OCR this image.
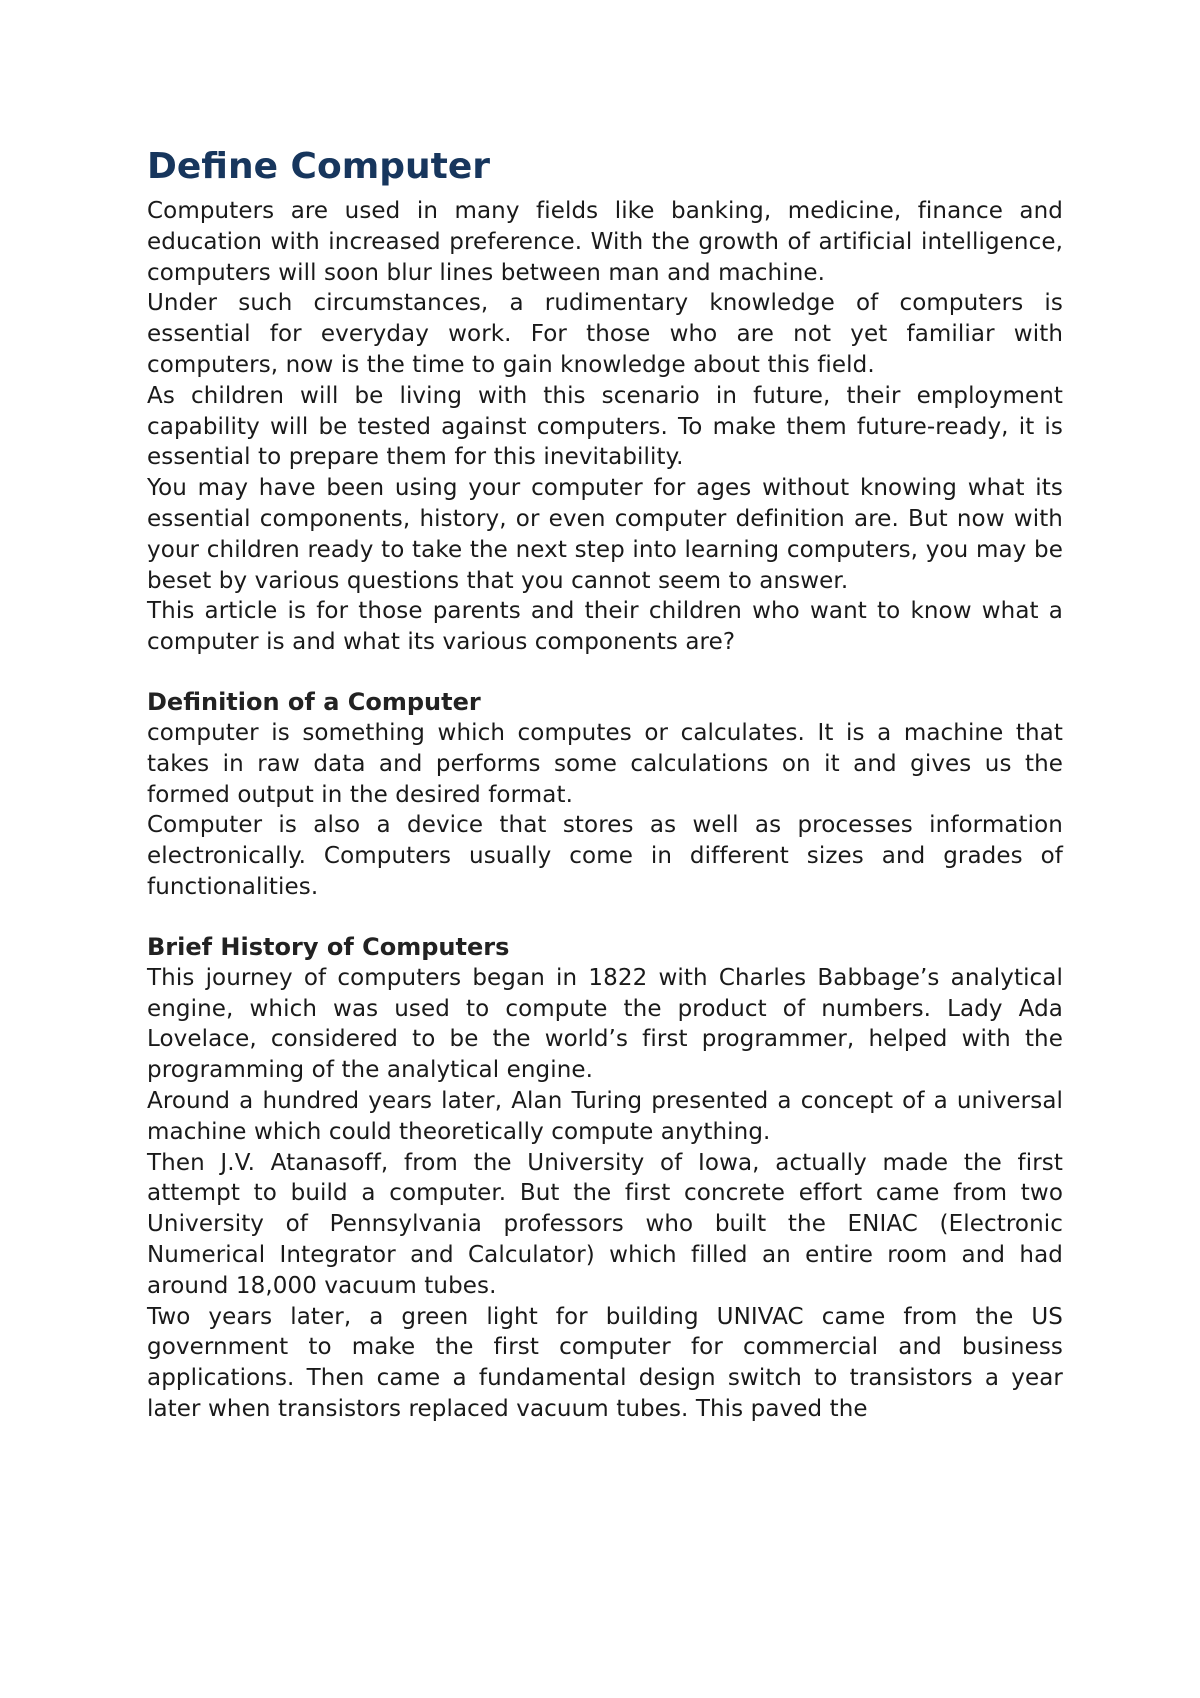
Define Computer

Computers are used in many fields like banking, medicine, finance and education with increased preference. With the growth of artificial intelligence, computers will soon blur lines between man and machine.

Under such circumstances, a rudimentary knowledge of computers is essential for everyday work. For those who are not yet familiar with computers, now is the time to gain knowledge about this field.

As children will be living with this scenario in future, their employment capability will be tested against computers. To make them future-ready, it is essential to prepare them for this inevitability.

You may have been using your computer for ages without knowing what its essential components, history, or even computer definition are. But now with your children ready to take the next step into learning computers, you may be beset by various questions that you cannot seem to answer.

This article is for those parents and their children who want to know what a computer is and what its various components are?

Definition of a Computer

computer is something which computes or calculates. It is a machine that takes in raw data and performs some calculations on it and gives us the formed output in the desired format.

Computer is also a device that stores as well as processes information electronically. Computers usually come in different sizes and grades of functionalities.

Brief History of Computers

This journey of computers began in 1822 with Charles Babbage’s analytical engine, which was used to compute the product of numbers. Lady Ada Lovelace, considered to be the world’s first programmer, helped with the programming of the analytical engine.

Around a hundred years later, Alan Turing presented a concept of a universal machine which could theoretically compute anything.

Then J.V. Atanasoff, from the University of Iowa, actually made the first attempt to build a computer. But the first concrete effort came from two University of Pennsylvania professors who built the ENIAC (Electronic Numerical Integrator and Calculator) which filled an entire room and had around 18,000 vacuum tubes.

Two years later, a green light for building UNIVAC came from the US government to make the first computer for commercial and business applications. Then came a fundamental design switch to transistors a year later when transistors replaced vacuum tubes. This paved the
